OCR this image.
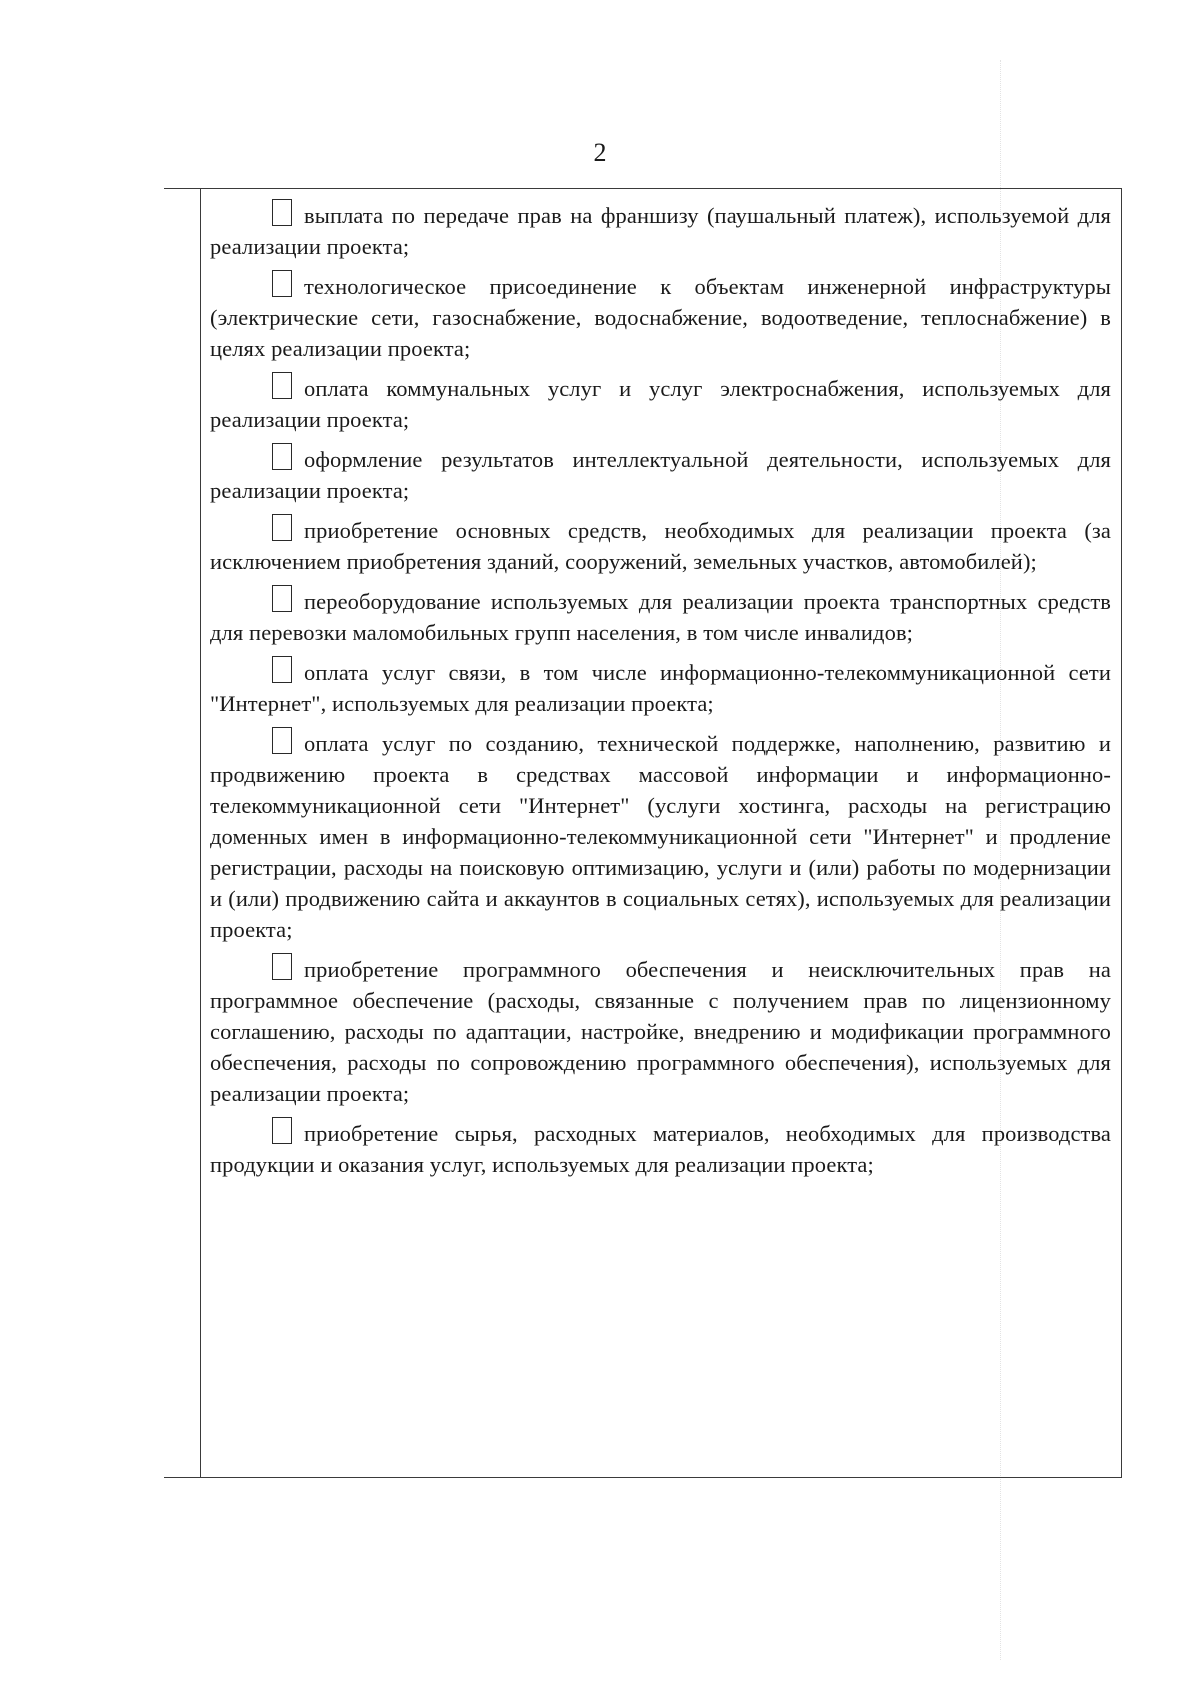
2

выплата по передаче прав на франшизу (паушальный платеж), используемой для реализации проекта;

технологическое присоединение к объектам инженерной инфраструктуры (электрические сети, газоснабжение, водоснабжение, водоотведение, теплоснабжение) в целях реализации проекта;

оплата коммунальных услуг и услуг электроснабжения, используемых для реализации проекта;

оформление результатов интеллектуальной деятельности, используемых для реализации проекта;

приобретение основных средств, необходимых для реализации проекта (за исключением приобретения зданий, сооружений, земельных участков, автомобилей);

переоборудование используемых для реализации проекта транспортных средств для перевозки маломобильных групп населения, в том числе инвалидов;

оплата услуг связи, в том числе информационно-телекоммуникационной сети "Интернет", используемых для реализации проекта;

оплата услуг по созданию, технической поддержке, наполнению, развитию и продвижению проекта в средствах массовой информации и информационно-телекоммуникационной сети "Интернет" (услуги хостинга, расходы на регистрацию доменных имен в информационно-телекоммуникационной сети "Интернет" и продление регистрации, расходы на поисковую оптимизацию, услуги и (или) работы по модернизации и (или) продвижению сайта и аккаунтов в социальных сетях), используемых для реализации проекта;

приобретение программного обеспечения и неисключительных прав на программное обеспечение (расходы, связанные с получением прав по лицензионному соглашению, расходы по адаптации, настройке, внедрению и модификации программного обеспечения, расходы по сопровождению программного обеспечения), используемых для реализации проекта;

приобретение сырья, расходных материалов, необходимых для производства продукции и оказания услуг, используемых для реализации проекта;
